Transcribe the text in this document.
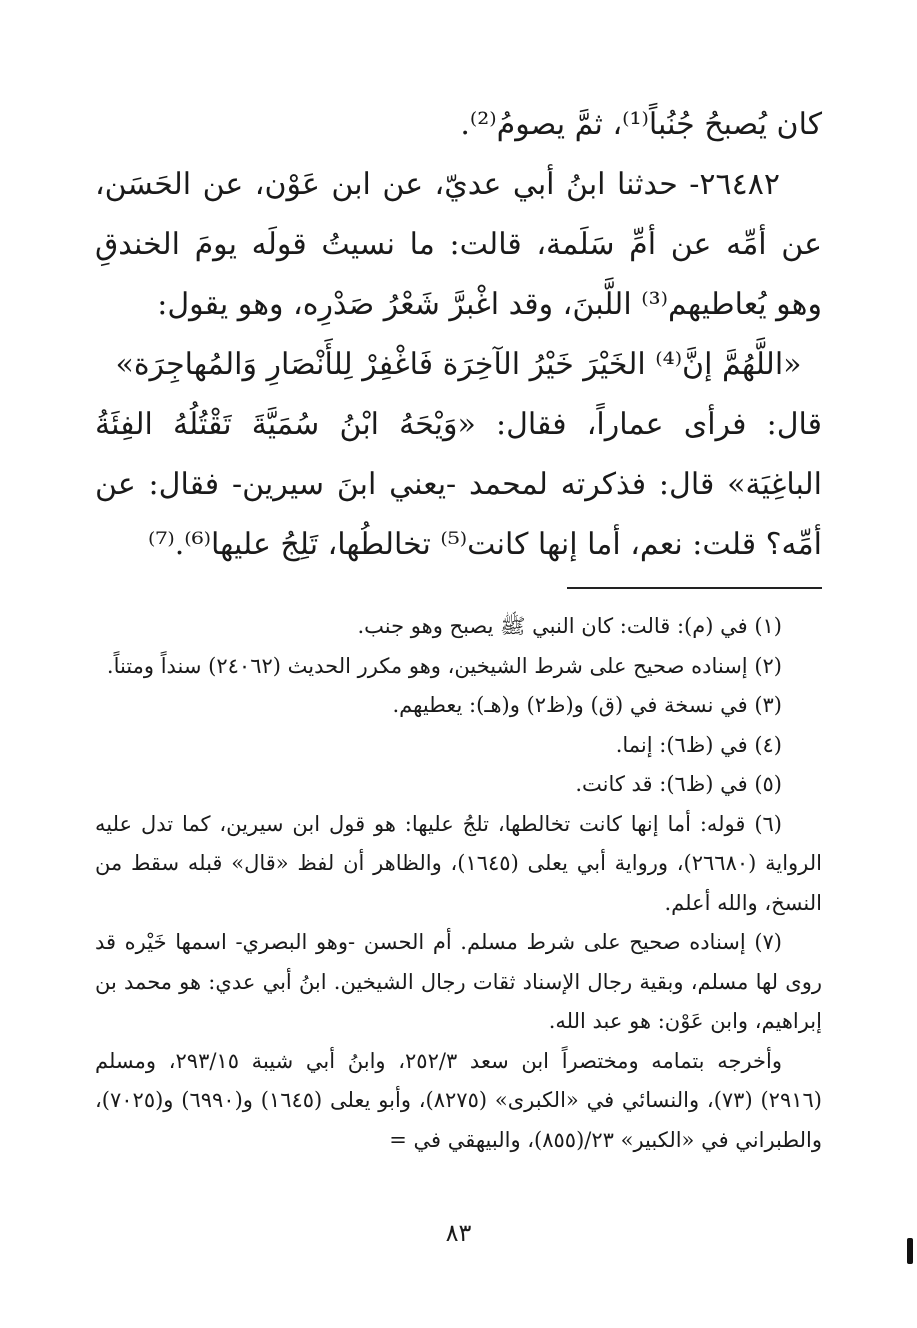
كان يُصبحُ جُنُباً⁽¹⁾، ثمَّ يصومُ⁽²⁾.

٢٦٤٨٢- حدثنا ابنُ أبي عديّ، عن ابن عَوْن، عن الحَسَن، عن أمِّه عن أمِّ سَلَمة، قالت: ما نسيتُ قولَه يومَ الخندقِ وهو يُعاطيهم⁽³⁾ اللَّبنَ، وقد اغْبرَّ شَعْرُ صَدْرِه، وهو يقول:

«اللَّهُمَّ إنَّ⁽⁴⁾ الخَيْرَ خَيْرُ الآخِرَة فَاغْفِرْ لِلأَنْصَارِ وَالمُهاجِرَة»

قال: فرأى عماراً، فقال: «وَيْحَهُ ابْنُ سُمَيَّةَ تَقْتُلُهُ الفِئَةُ الباغِيَة» قال: فذكرته لمحمد -يعني ابنَ سيرين- فقال: عن أمِّه؟ قلت: نعم، أما إنها كانت⁽⁵⁾ تخالطُها، تَلِجُ عليها⁽⁶⁾.⁽⁷⁾

(١) في (م): قالت: كان النبي ﷺ يصبح وهو جنب.

(٢) إسناده صحيح على شرط الشيخين، وهو مكرر الحديث (٢٤٠٦٢) سنداً ومتناً.

(٣) في نسخة في (ق) و(ظ٢) و(هـ): يعطيهم.

(٤) في (ظ٦): إنما.

(٥) في (ظ٦): قد كانت.

(٦) قوله: أما إنها كانت تخالطها، تلجُ عليها: هو قول ابن سيرين، كما تدل عليه الرواية (٢٦٦٨٠)، ورواية أبي يعلى (١٦٤٥)، والظاهر أن لفظ «قال» قبله سقط من النسخ، والله أعلم.

(٧) إسناده صحيح على شرط مسلم. أم الحسن -وهو البصري- اسمها خَيْره قد روى لها مسلم، وبقية رجال الإسناد ثقات رجال الشيخين. ابنُ أبي عدي: هو محمد بن إبراهيم، وابن عَوْن: هو عبد الله.

وأخرجه بتمامه ومختصراً ابن سعد ٢٥٢/٣، وابنُ أبي شيبة ٢٩٣/١٥، ومسلم (٢٩١٦) (٧٣)، والنسائي في «الكبرى» (٨٢٧٥)، وأبو يعلى (١٦٤٥) و(٦٩٩٠) و(٧٠٢٥)، والطبراني في «الكبير» ٢٣/(٨٥٥)، والبيهقي في =

٨٣
